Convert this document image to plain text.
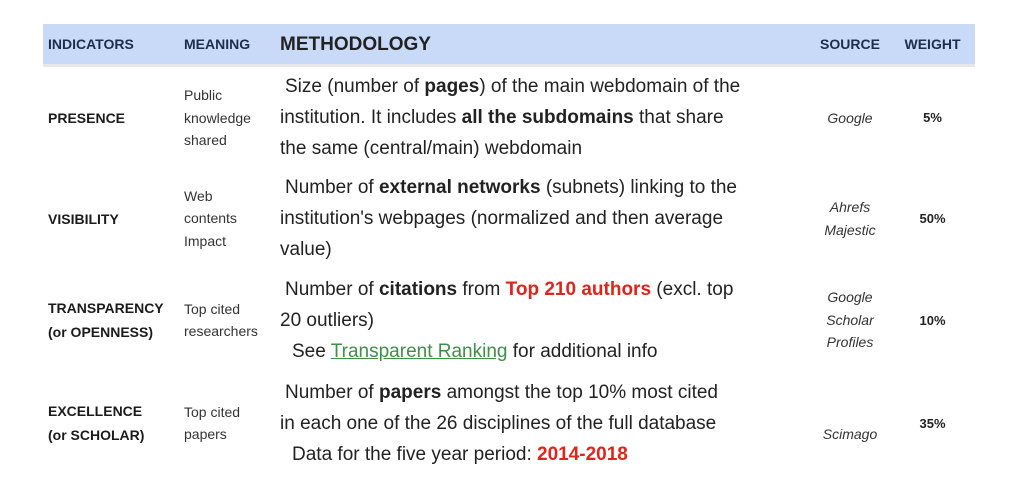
INDICATORS	MEANING	METHODOLOGY	SOURCE	WEIGHT

PRESENCE	Public
knowledge
shared	Size (number of pages) of the main webdomain of the
institution. It includes all the subdomains that share
the same (central/main) webdomain	Google	5%

VISIBILITY	Web
contents
Impact	Number of external networks (subnets) linking to the
institution's webpages (normalized and then average
value)	Ahrefs
Majestic	50%

TRANSPARENCY
(or OPENNESS)	Top cited
researchers	Number of citations from Top 210 authors (excl. top
20 outliers)
See Transparent Ranking for additional info	Google
Scholar
Profiles	10%

EXCELLENCE
(or SCHOLAR)	Top cited
papers	Number of papers amongst the top 10% most cited
in each one of the 26 disciplines of the full database
Data for the five year period: 2014-2018	Scimago	35%
